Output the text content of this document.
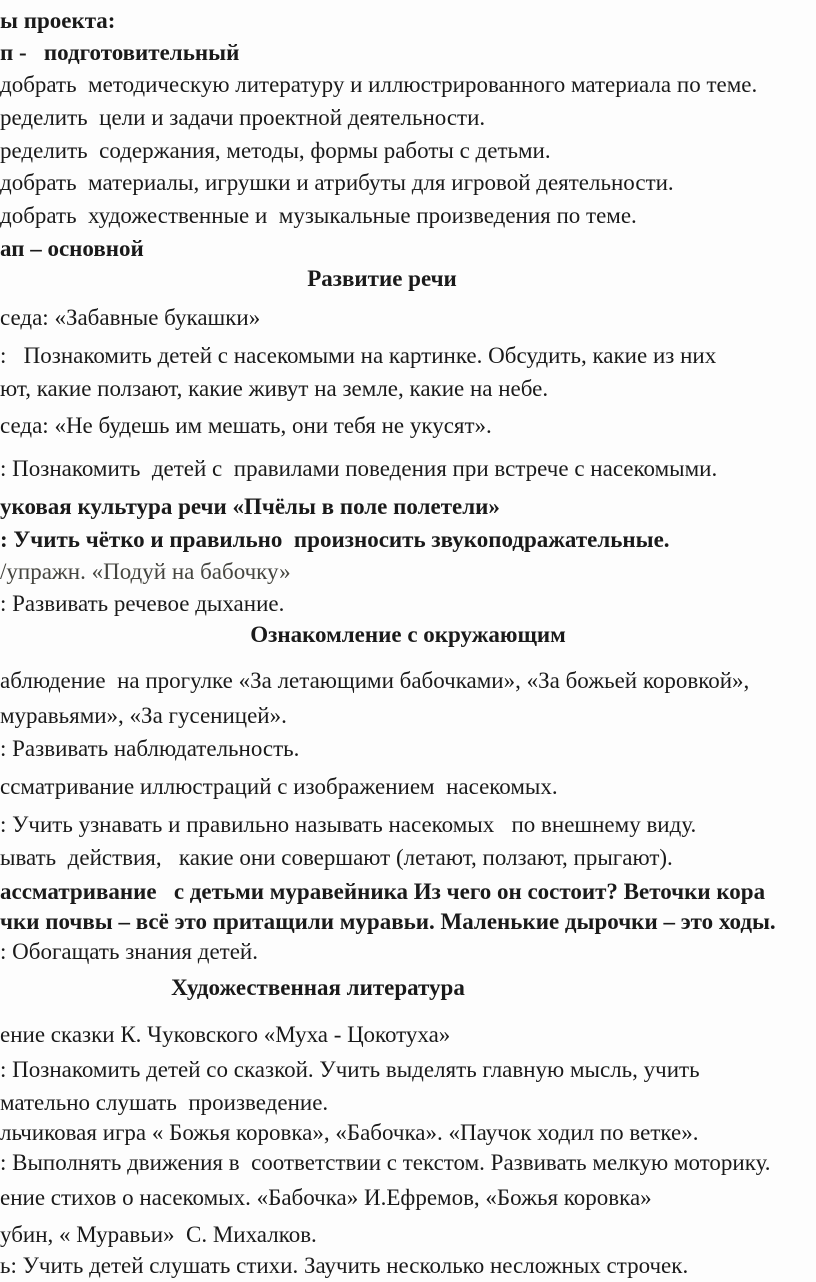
ы проекта:
п -   подготовительный
добрать  методическую литературу и иллюстрированного материала по теме.
ределить  цели и задачи проектной деятельности.
ределить  содержания, методы, формы работы с детьми.
добрать  материалы, игрушки и атрибуты для игровой деятельности.
добрать  художественные и  музыкальные произведения по теме.
ап – основной
Развитие речи
седа: «Забавные букашки»
:   Познакомить детей с насекомыми на картинке. Обсудить, какие из них
ют, какие ползают, какие живут на земле, какие на небе.
седа: «Не будешь им мешать, они тебя не укусят».
: Познакомить  детей с  правилами поведения при встрече с насекомыми.
уковая культура речи «Пчёлы в поле полетели»
: Учить чётко и правильно  произносить звукоподражательные.
/упражн. «Подуй на бабочку»
: Развивать речевое дыхание.
Ознакомление с окружающим
аблюдение  на прогулке «За летающими бабочками», «За божьей коровкой»,
муравьями», «За гусеницей».
: Развивать наблюдательность.
ссматривание иллюстраций с изображением  насекомых.
: Учить узнавать и правильно называть насекомых   по внешнему виду.
ывать  действия,   какие они совершают (летают, ползают, прыгают).
ассматривание   с детьми муравейника Из чего он состоит? Веточки кора
чки почвы – всё это притащили муравьи. Маленькие дырочки – это ходы.
: Обогащать знания детей.
Художественная литература
ение сказки К. Чуковского «Муха - Цокотуха»
: Познакомить детей со сказкой. Учить выделять главную мысль, учить
мательно слушать  произведение.
льчиковая игра « Божья коровка», «Бабочка». «Паучок ходил по ветке».
: Выполнять движения в  соответствии с текстом. Развивать мелкую моторику.
ение стихов о насекомых. «Бабочка» И.Ефремов, «Божья коровка»
убин, « Муравьи»  С. Михалков.
ь: Учить детей слушать стихи. Заучить несколько несложных строчек.
